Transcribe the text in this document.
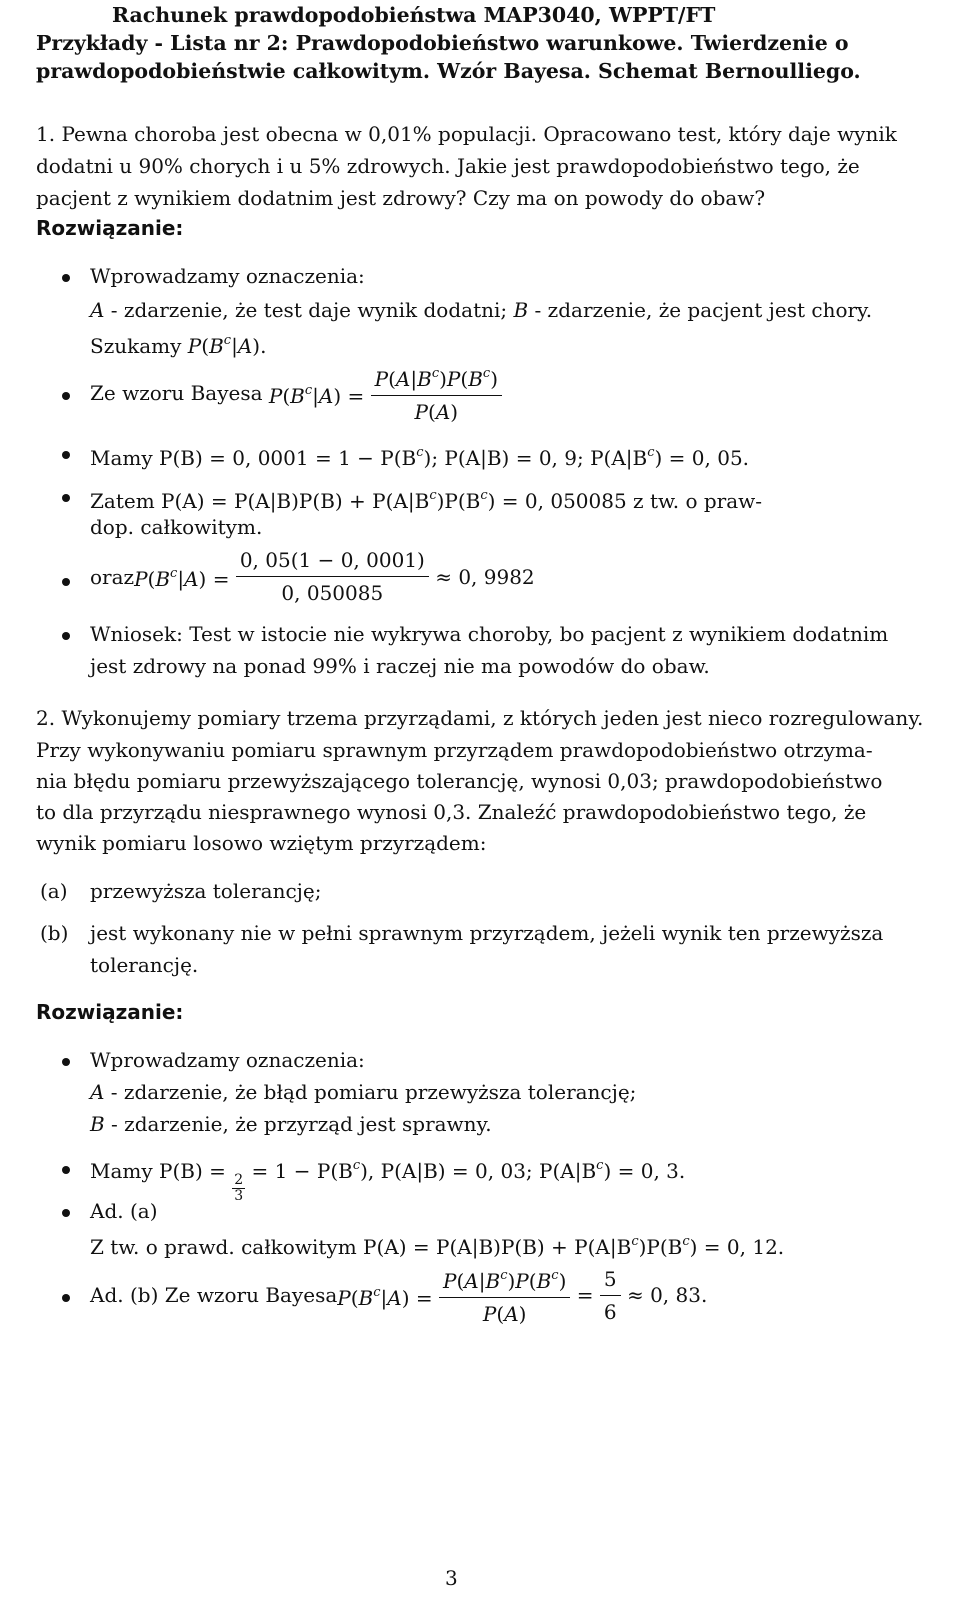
Rachunek prawdopodobieństwa MAP3040, WPPT/FT
Przykłady - Lista nr 2: Prawdopodobieństwo warunkowe. Twierdzenie o
prawdopodobieństwie całkowitym. Wzór Bayesa. Schemat Bernoulliego.
1. Pewna choroba jest obecna w 0,01% populacji. Opracowano test, który daje wynik
dodatni u 90% chorych i u 5% zdrowych. Jakie jest prawdopodobieństwo tego, że
pacjent z wynikiem dodatnim jest zdrowy? Czy ma on powody do obaw?
Rozwiązanie:
Wprowadzamy oznaczenia:
A - zdarzenie, że test daje wynik dodatni; B - zdarzenie, że pacjent jest chory.
Szukamy $P(B^c|A)$.
Ze wzoru Bayesa $P(B^c|A) = \frac{P(A|B^c)P(B^c)}{P(A)}$
Mamy P(B) = 0, $0001 = 1 - P(B^c)$; P(A|B) = 0, 9; $P(A|B^c) = 0$, 05.
Zatem $P(A) = P(A|B)P(B) + P(A|B^c)P(B^c) = 0$, 050085 z tw. o praw-
dop. całkowitym.
oraz $P(B^c|A) = \frac{0, 05(1 - 0, 0001)}{0, 050085}$
≈ 0, 9982
Wniosek: Test w istocie nie wykrywa choroby, bo pacjent z wynikiem dodatnim
jest zdrowy na ponad 99% i raczej nie ma powodów do obaw.
2. Wykonujemy pomiary trzema przyrządami, z których jeden jest nieco rozregulowany.
Przy wykonywaniu pomiaru sprawnym przyrządem prawdopodobieństwo otrzyma-
nia błędu pomiaru przewyższającego tolerancję, wynosi 0,03; prawdopodobieństwo
to dla przyrządu niesprawnego wynosi 0,3. Znaleźć prawdopodobieństwo tego, że
wynik pomiaru losowo wziętym przyrządem:
(a) przewyższa tolerancję;
(b) jest wykonany nie w pełni sprawnym przyrządem, jeżeli wynik ten przewyższa
tolerancję.
Rozwiązanie:
Wprowadzamy oznaczenia:
A - zdarzenie, że błąd pomiaru przewyższa tolerancję;
B - zdarzenie, że przyrząd jest sprawny.
Mamy P(B) =
$\frac{2}{3}$
= $1 - P(B^c)$, P(A|B) = 0, 03; $P(A|B^c) = 0$, 3.
Ad. (a)
Z tw. o prawd. całkowitym $P(A) = P(A|B)P(B) + P(A|B^c)P(B^c) = 0$, 12.
Ad. (b) Ze wzoru Bayesa $P(B^c|A) = \frac{P(A|B^c)P(B^c)}{P(A)}$
=
$\frac{5}{6}$
≈ 0, 83.
3
